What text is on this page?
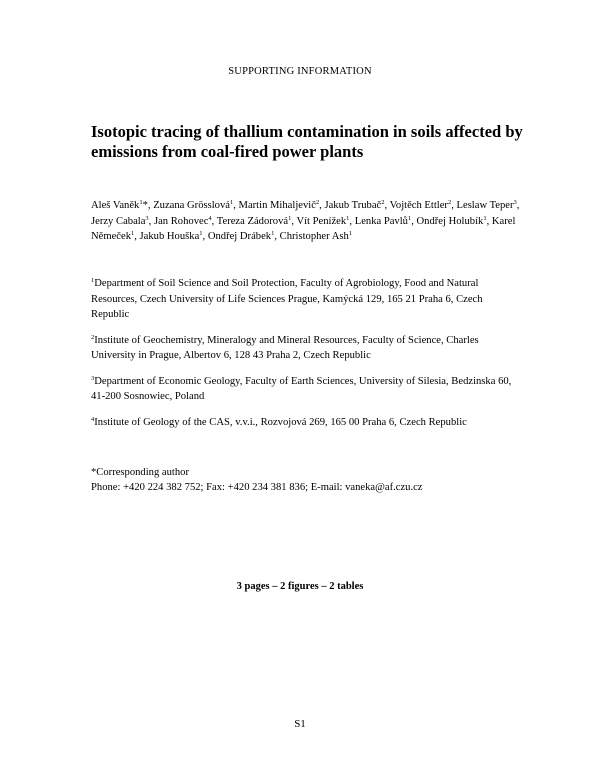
SUPPORTING INFORMATION
Isotopic tracing of thallium contamination in soils affected by emissions from coal-fired power plants
Aleš Vaněk$^1$*, Zuzana Grösslová$^1$, Martin Mihaljevič$^2$, Jakub Trubač$^2$, Vojtěch Ettler$^2$, Leslaw Teper$^3$, Jerzy Cabala$^3$, Jan Rohovec$^4$, Tereza Zádorová$^1$, Vít Penížek$^1$, Lenka Pavlů$^1$, Ondřej Holubík$^1$, Karel Němeček$^1$, Jakub Houška$^1$, Ondřej Drábek$^1$, Christopher Ash$^1$
$^1$Department of Soil Science and Soil Protection, Faculty of Agrobiology, Food and Natural Resources, Czech University of Life Sciences Prague, Kamýcká 129, 165 21 Praha 6, Czech Republic
$^2$Institute of Geochemistry, Mineralogy and Mineral Resources, Faculty of Science, Charles University in Prague, Albertov 6, 128 43 Praha 2, Czech Republic
$^3$Department of Economic Geology, Faculty of Earth Sciences, University of Silesia, Bedzinska 60, 41-200 Sosnowiec, Poland
$^4$Institute of Geology of the CAS, v.v.i., Rozvojová 269, 165 00 Praha 6, Czech Republic
*Corresponding author
Phone: +420 224 382 752; Fax: +420 234 381 836; E-mail: vaneka@af.czu.cz
3 pages – 2 figures – 2 tables
S1
